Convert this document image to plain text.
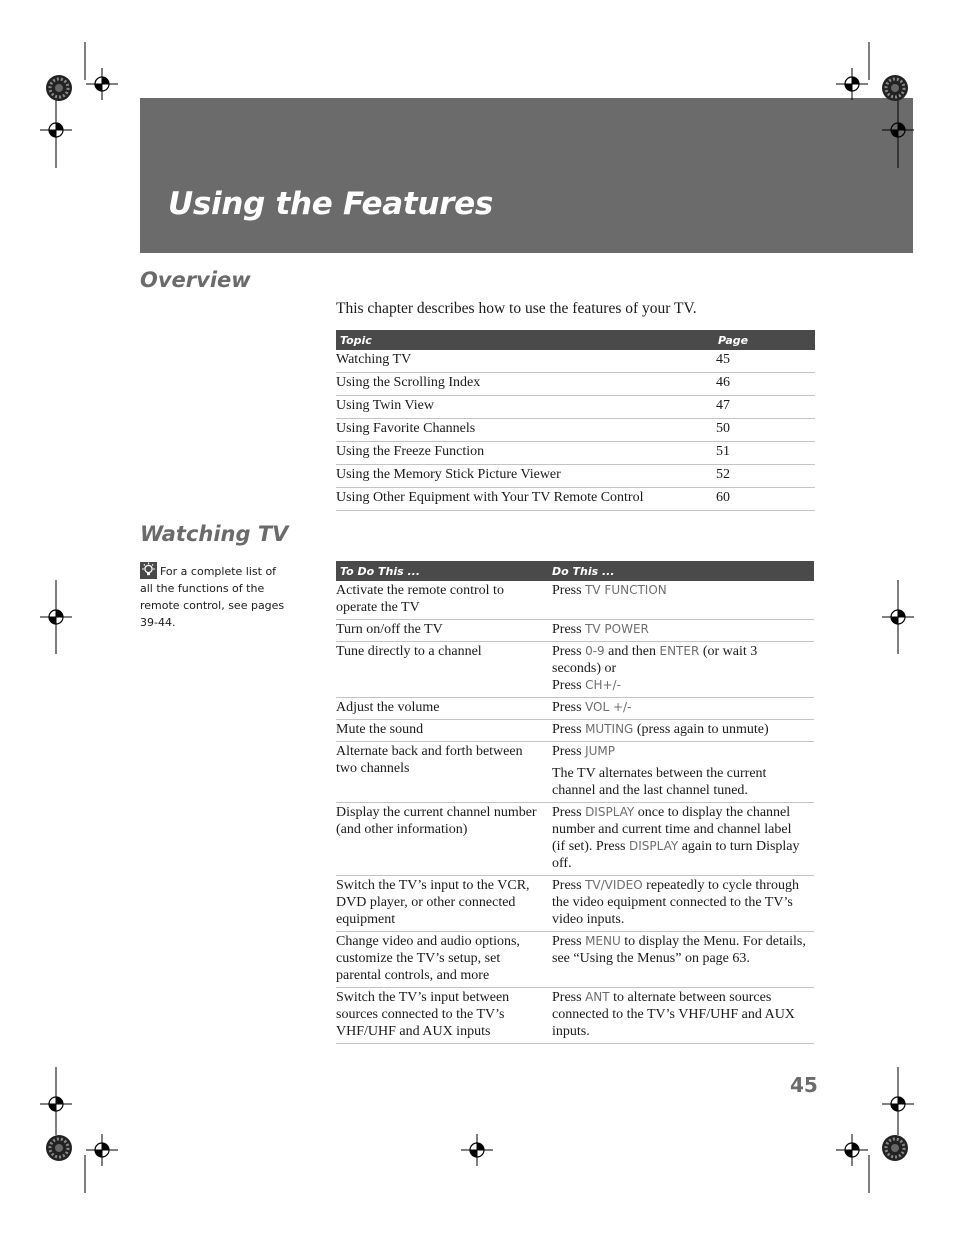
Using the Features
Overview

This chapter describes how to use the features of your TV.

Topic	Page
Watching TV	45
Using the Scrolling Index	46
Using Twin View	47
Using Favorite Channels	50
Using the Freeze Function	51
Using the Memory Stick Picture Viewer	52
Using Other Equipment with Your TV Remote Control	60
Watching TV
For a complete list of all the functions of the remote control, see pages 39-44.
To Do This ...	Do This ...
Activate the remote control to operate the TV	Press TV FUNCTION
Turn on/off the TV	Press TV POWER
Tune directly to a channel	Press 0-9 and then ENTER (or wait 3 seconds) or
Press CH+/-
Adjust the volume	Press VOL +/-
Mute the sound	Press MUTING (press again to unmute)
Alternate back and forth between two channels	Press JUMP
The TV alternates between the current channel and the last channel tuned.

Display the current channel number (and other information)	Press DISPLAY once to display the channel number and current time and channel label (if set). Press DISPLAY again to turn Display off.
Switch the TV’s input to the VCR, DVD player, or other connected equipment	Press TV/VIDEO repeatedly to cycle through the video equipment connected to the TV’s video inputs.
Change video and audio options, customize the TV’s setup, set parental controls, and more	Press MENU to display the Menu. For details, see “Using the Menus” on page 63.
Switch the TV’s input between sources connected to the TV’s VHF/UHF and AUX inputs	Press ANT to alternate between sources connected to the TV’s VHF/UHF and AUX inputs.
45
